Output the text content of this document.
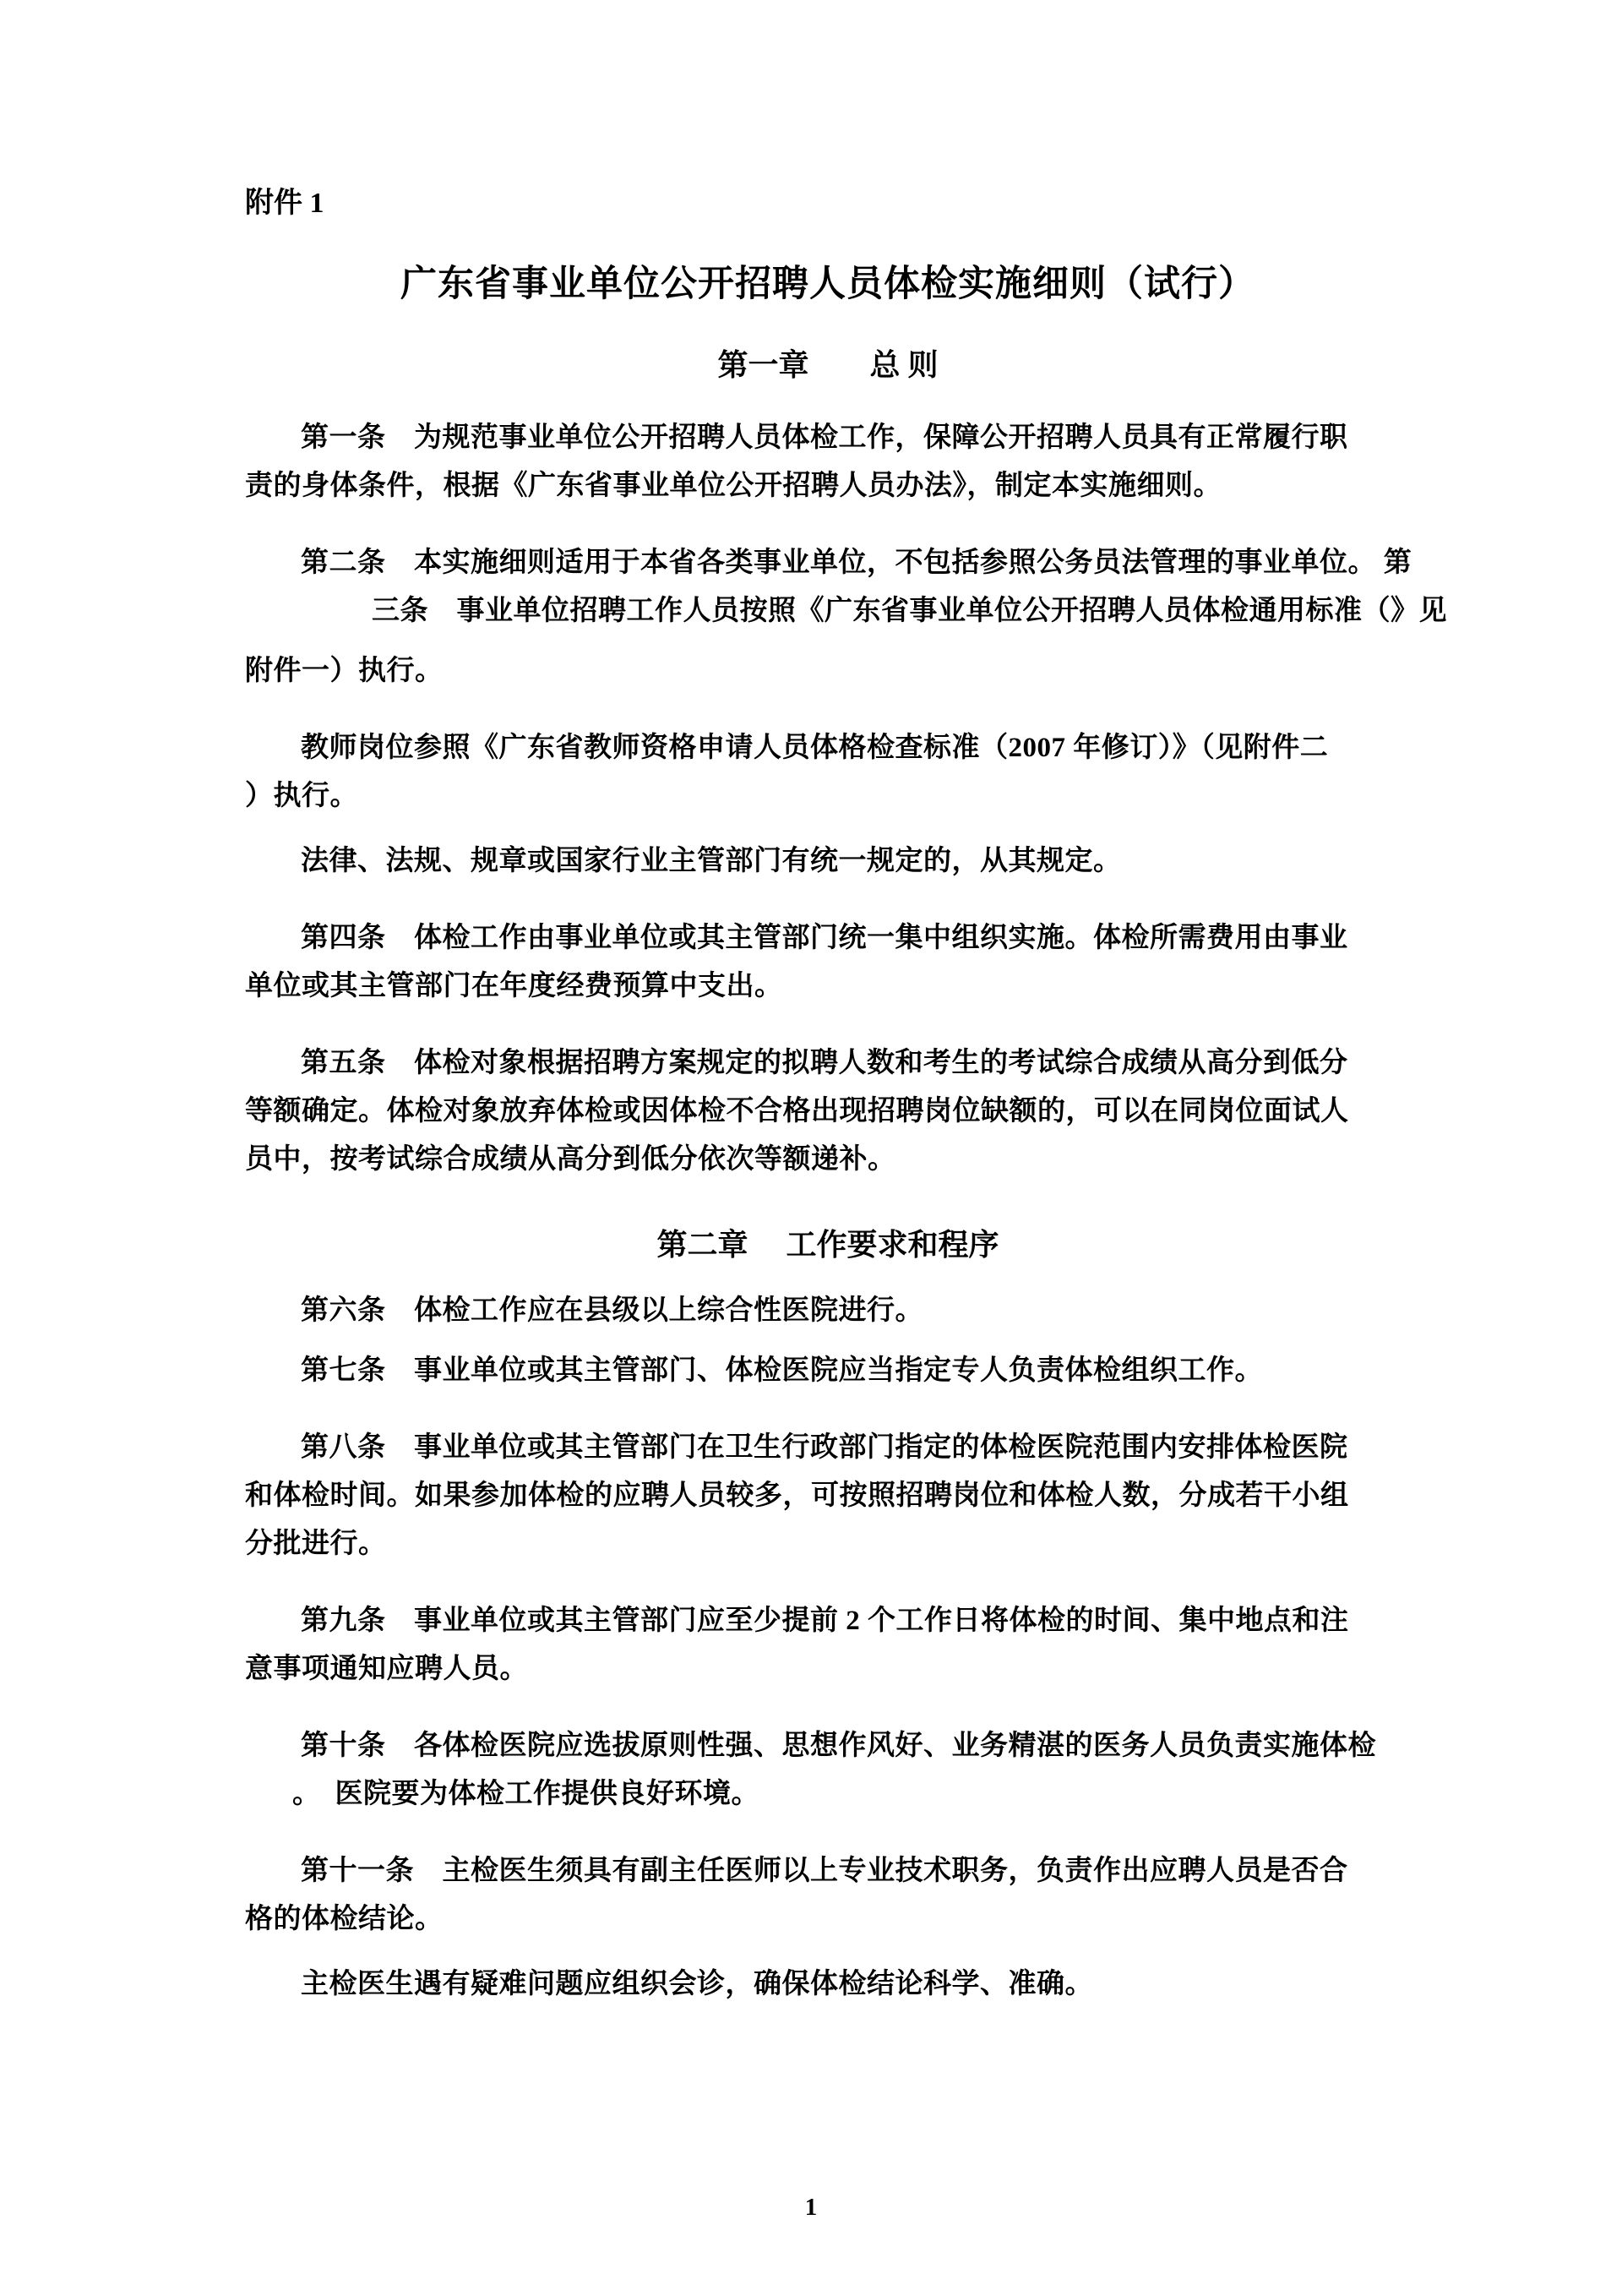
附件 1
广东省事业单位公开招聘人员体检实施细则（试行）
第一章　　总 则
第一条　为规范事业单位公开招聘人员体检工作，保障公开招聘人员具有正常履行职
责的身体条件，根据《广东省事业单位公开招聘人员办法》，制定本实施细则。
第二条　本实施细则适用于本省各类事业单位，不包括参照公务员法管理的事业单位。 第
三条　事业单位招聘工作人员按照《广东省事业单位公开招聘人员体检通用标准（》见
附件一）执行。
教师岗位参照《广东省教师资格申请人员体格检查标准（2007 年修订）》（见附件二
）执行。
法律、法规、规章或国家行业主管部门有统一规定的，从其规定。
第四条　体检工作由事业单位或其主管部门统一集中组织实施。体检所需费用由事业
单位或其主管部门在年度经费预算中支出。
第五条　体检对象根据招聘方案规定的拟聘人数和考生的考试综合成绩从高分到低分
等额确定。体检对象放弃体检或因体检不合格出现招聘岗位缺额的，可以在同岗位面试人
员中，按考试综合成绩从高分到低分依次等额递补。
第二章　 工作要求和程序
第六条　体检工作应在县级以上综合性医院进行。
第七条　事业单位或其主管部门、体检医院应当指定专人负责体检组织工作。
第八条　事业单位或其主管部门在卫生行政部门指定的体检医院范围内安排体检医院
和体检时间。如果参加体检的应聘人员较多，可按照招聘岗位和体检人数，分成若干小组
分批进行。
第九条　事业单位或其主管部门应至少提前 2 个工作日将体检的时间、集中地点和注
意事项通知应聘人员。
第十条　各体检医院应选拔原则性强、思想作风好、业务精湛的医务人员负责实施体检
。　医院要为体检工作提供良好环境。
第十一条　主检医生须具有副主任医师以上专业技术职务，负责作出应聘人员是否合
格的体检结论。
主检医生遇有疑难问题应组织会诊，确保体检结论科学、准确。
1
